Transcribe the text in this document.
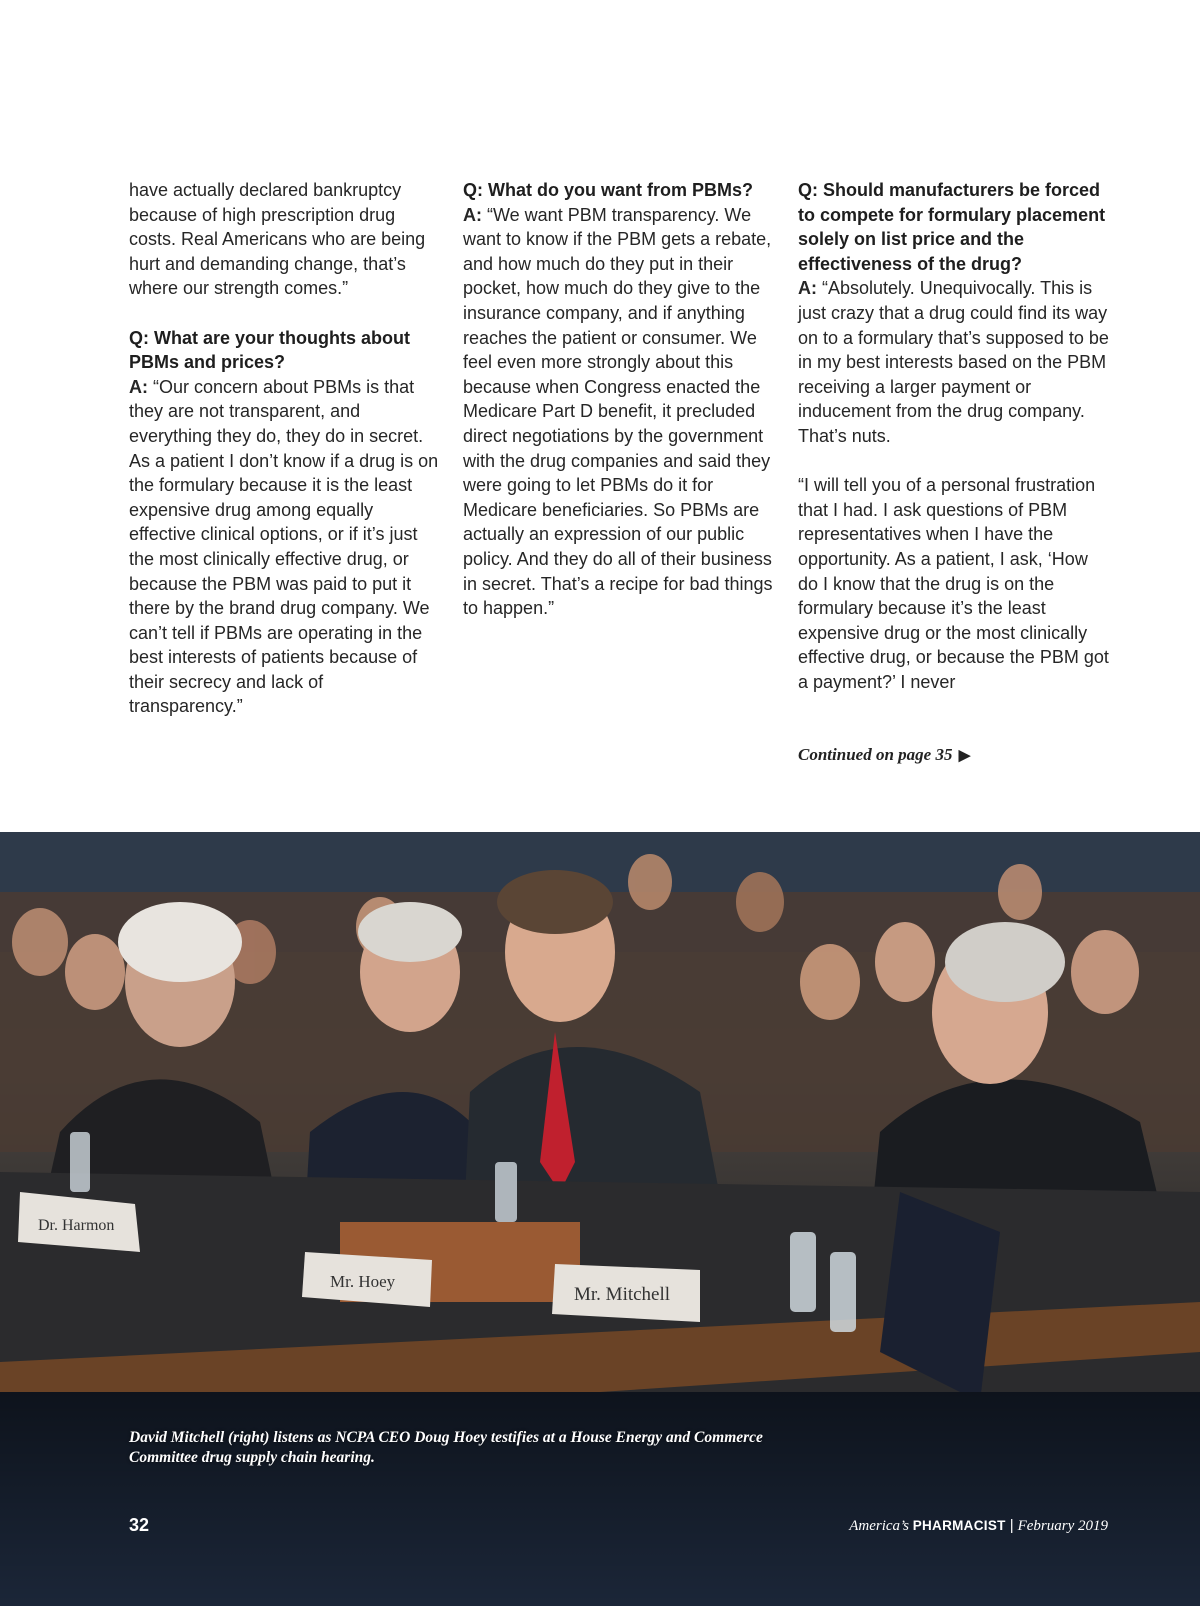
have actually declared bankruptcy because of high prescription drug costs. Real Americans who are being hurt and demanding change, that’s where our strength comes.”

Q: What are your thoughts about PBMs and prices?
A: “Our concern about PBMs is that they are not transparent, and everything they do, they do in secret. As a patient I don’t know if a drug is on the formulary because it is the least expensive drug among equally effective clinical options, or if it’s just the most clinically effective drug, or because the PBM was paid to put it there by the brand drug company. We can’t tell if PBMs are operating in the best interests of patients because of their secrecy and lack of transparency.”

Q: What do you want from PBMs?
A: “We want PBM transparency. We want to know if the PBM gets a rebate, and how much do they put in their pocket, how much do they give to the insurance company, and if anything reaches the patient or consumer. We feel even more strongly about this because when Congress enacted the Medicare Part D benefit, it precluded direct negotiations by the government with the drug companies and said they were going to let PBMs do it for Medicare beneficiaries. So PBMs are actually an expression of our public policy. And they do all of their business in secret. That’s a recipe for bad things to happen.”

Q: Should manufacturers be forced to compete for formulary placement solely on list price and the effectiveness of the drug?
A: “Absolutely. Unequivocally. This is just crazy that a drug could find its way on to a formulary that’s supposed to be in my best interests based on the PBM receiving a larger payment or inducement from the drug company. That’s nuts.

“I will tell you of a personal frustration that I had. I ask questions of PBM representatives when I have the opportunity. As a patient, I ask, ‘How do I know that the drug is on the formulary because it’s the least expensive drug or the most clinically effective drug, or because the PBM got a payment?’ I never

Continued on page 35 ▶
Dr. Harmon
Mr. Hoey
Mr. Mitchell
David Mitchell (right) listens as NCPA CEO Doug Hoey testifies at a House Energy and Commerce Committee drug supply chain hearing.
32	America’s PHARMACIST | February 2019
